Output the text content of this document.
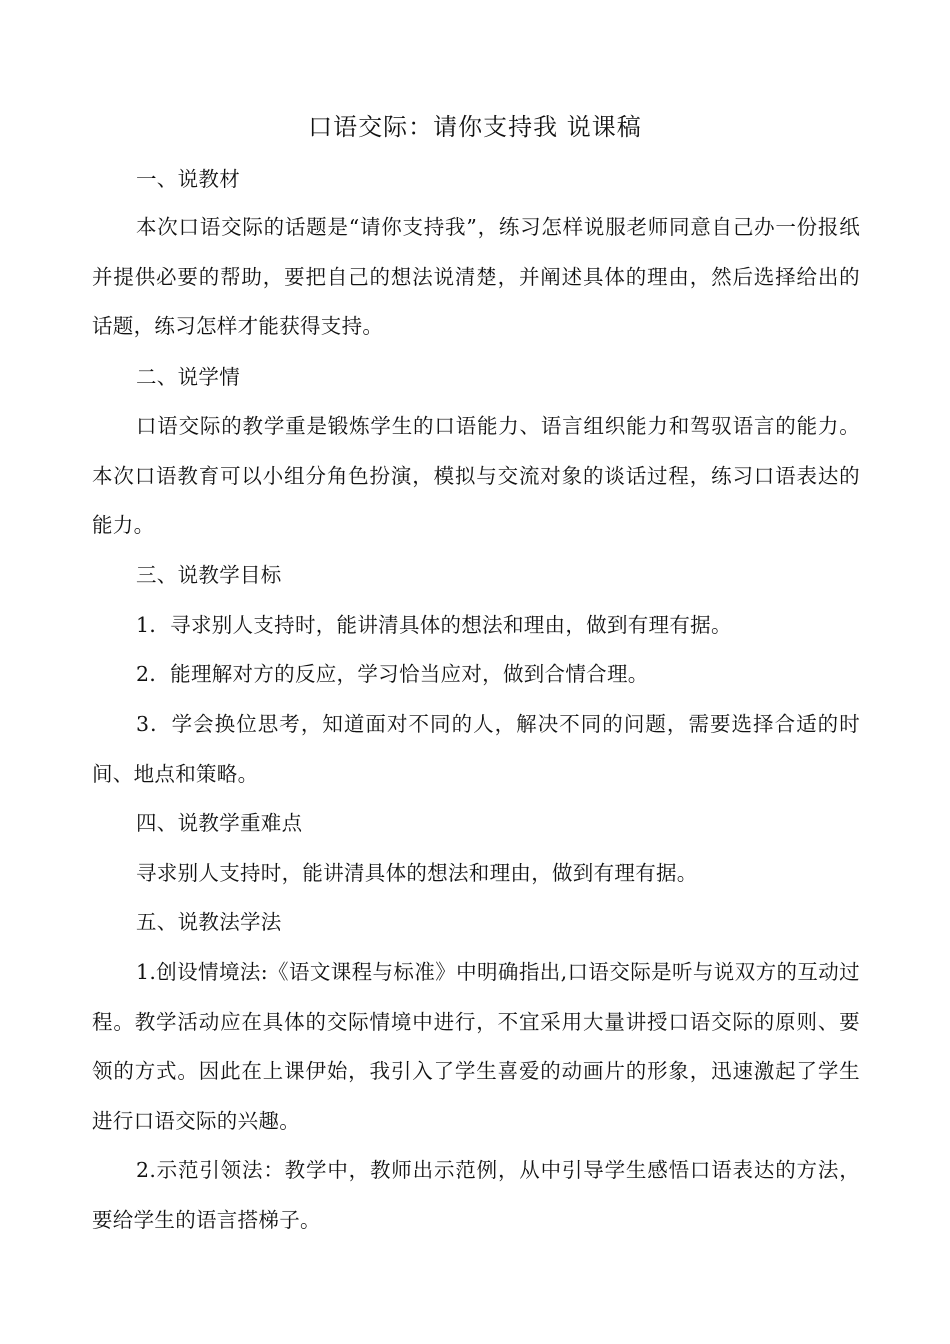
口语交际：请你支持我 说课稿
一、说教材
本次口语交际的话题是“请你支持我”，练习怎样说服老师同意自己办一份报纸并提供必要的帮助，要把自己的想法说清楚，并阐述具体的理由，然后选择给出的话题，练习怎样才能获得支持。
二、说学情
口语交际的教学重是锻炼学生的口语能力、语言组织能力和驾驭语言的能力。本次口语教育可以小组分角色扮演，模拟与交流对象的谈话过程，练习口语表达的能力。
三、说教学目标
1．寻求别人支持时，能讲清具体的想法和理由，做到有理有据。
2．能理解对方的反应，学习恰当应对，做到合情合理。
3．学会换位思考，知道面对不同的人，解决不同的问题，需要选择合适的时间、地点和策略。
四、说教学重难点
寻求别人支持时，能讲清具体的想法和理由，做到有理有据。
五、说教法学法
1.创设情境法:《语文课程与标准》中明确指出,口语交际是听与说双方的互动过程。教学活动应在具体的交际情境中进行，不宜采用大量讲授口语交际的原则、要领的方式。因此在上课伊始，我引入了学生喜爱的动画片的形象，迅速激起了学生进行口语交际的兴趣。
2.示范引领法：教学中，教师出示范例，从中引导学生感悟口语表达的方法，要给学生的语言搭梯子。
